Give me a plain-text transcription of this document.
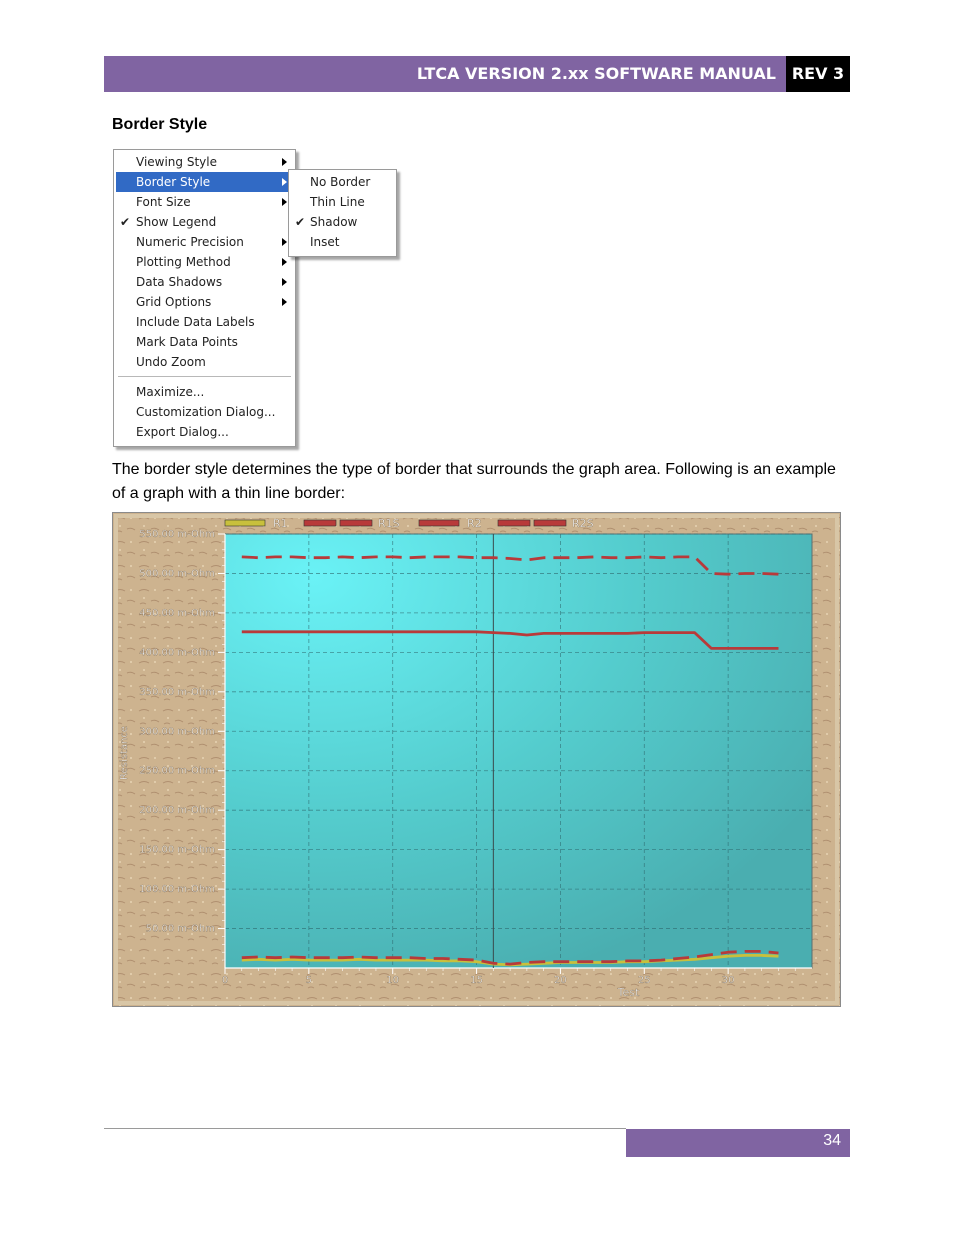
LTCA VERSION 2.xx SOFTWARE MANUAL REV 3
Border Style
Viewing Style
Border Style
Font Size
✔ Show Legend
Numeric Precision
Plotting Method
Data Shadows
Grid Options
Include Data Labels
Mark Data Points
Undo Zoom
Maximize...
Customization Dialog...
Export Dialog...
No Border
Thin Line
✔ Shadow
Inset
The border style determines the type of border that surrounds the graph area. Following is an example of a graph with a thin line border:
R1	R1S	R2	R2S
50.00 m-Ohm
100.00 m-Ohm
150.00 m-Ohm
200.00 m-Ohm
250.00 m-Ohm
300.00 m-Ohm
350.00 m-Ohm
400.00 m-Ohm
450.00 m-Ohm
500.00 m-Ohm
550.00 m-Ohm
0	5	10	15	20	25	30
Test
Resistance
34
